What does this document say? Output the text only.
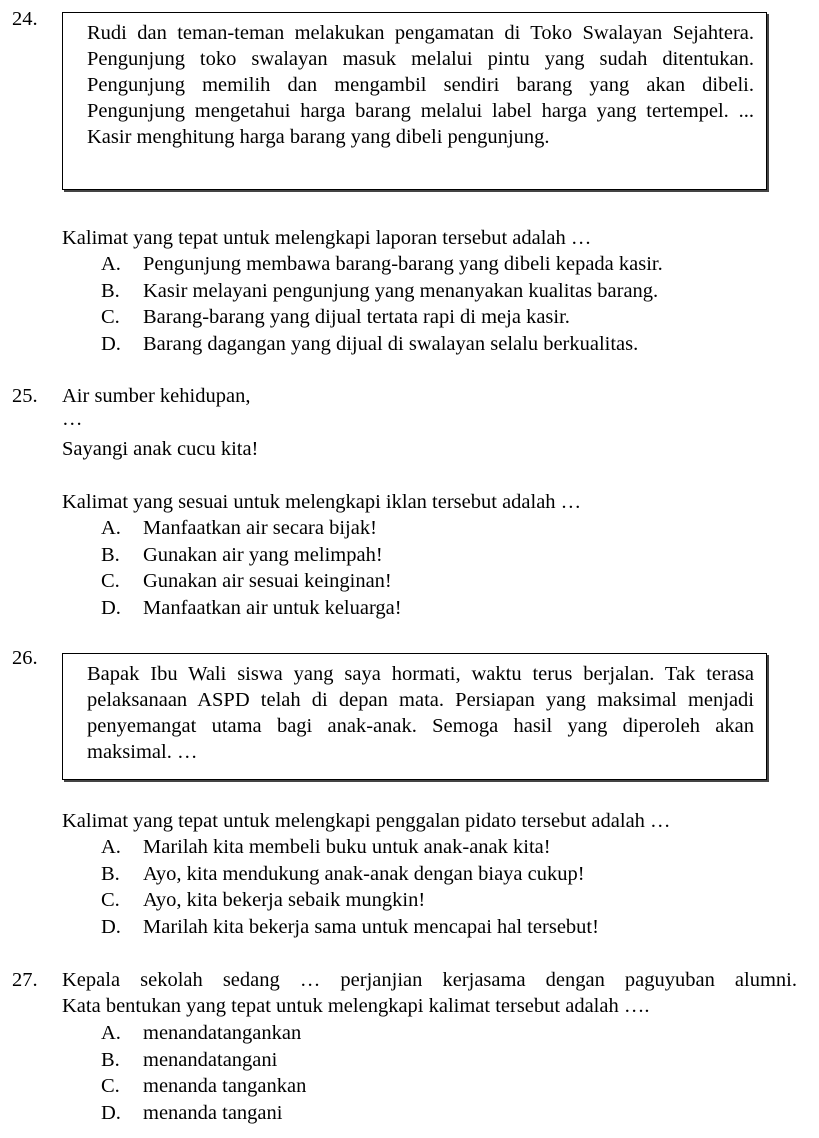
24.

Rudi dan teman-teman melakukan pengamatan di Toko Swalayan Sejahtera. Pengunjung toko swalayan masuk melalui pintu yang sudah ditentukan. Pengunjung memilih dan mengambil sendiri barang yang akan dibeli. Pengunjung mengetahui harga barang melalui label harga yang tertempel. ... Kasir menghitung harga barang yang dibeli pengunjung.

Kalimat yang tepat untuk melengkapi laporan tersebut adalah …

A. Pengunjung membawa barang-barang yang dibeli kepada kasir.
B. Kasir melayani pengunjung yang menanyakan kualitas barang.
C. Barang-barang yang dijual tertata rapi di meja kasir.
D. Barang dagangan yang dijual di swalayan selalu berkualitas.
25. Air sumber kehidupan,

…

Sayangi anak cucu kita!

Kalimat yang sesuai untuk melengkapi iklan tersebut adalah …

A. Manfaatkan air secara bijak!
B. Gunakan air yang melimpah!
C. Gunakan air sesuai keinginan!
D. Manfaatkan air untuk keluarga!
26.

Bapak Ibu Wali siswa yang saya hormati, waktu terus berjalan. Tak terasa pelaksanaan ASPD telah di depan mata. Persiapan yang maksimal menjadi penyemangat utama bagi anak-anak. Semoga hasil yang diperoleh akan maksimal. …

Kalimat yang tepat untuk melengkapi penggalan pidato tersebut adalah …

A. Marilah kita membeli buku untuk anak-anak kita!
B. Ayo, kita mendukung anak-anak dengan biaya cukup!
C. Ayo, kita bekerja sebaik mungkin!
D. Marilah kita bekerja sama untuk mencapai hal tersebut!
27. Kepala sekolah sedang … perjanjian kerjasama dengan paguyuban alumni.

Kata bentukan yang tepat untuk melengkapi kalimat tersebut adalah ….

A. menandatangankan
B. menandatangani
C. menanda tangankan
D. menanda tangani
